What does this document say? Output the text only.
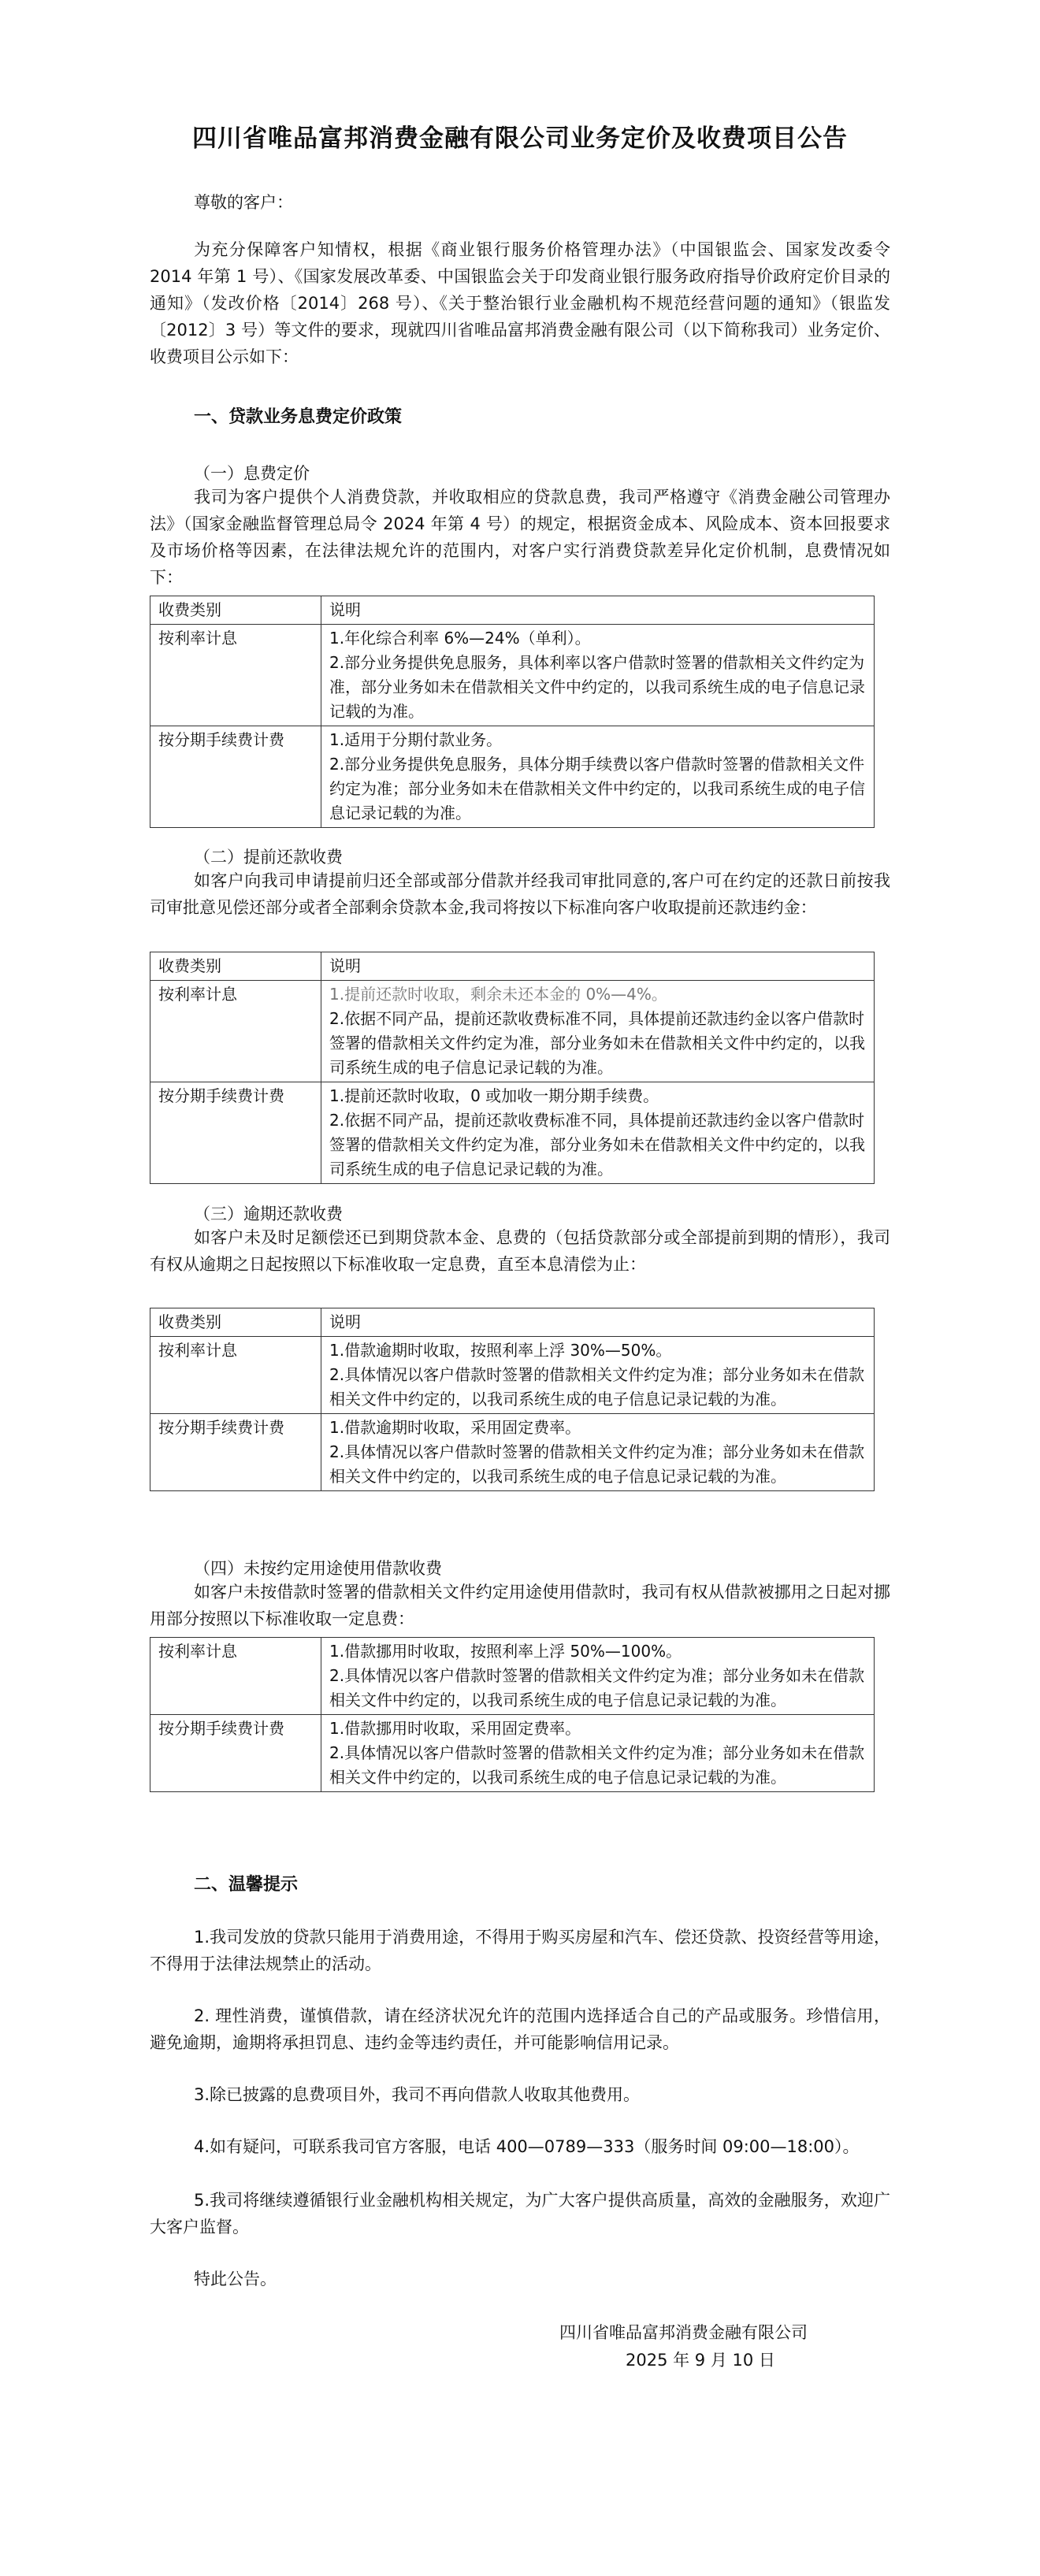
四川省唯品富邦消费金融有限公司业务定价及收费项目公告
尊敬的客户：
为充分保障客户知情权，根据《商业银行服务价格管理办法》（中国银监会、国家发改委令 2014 年第 1 号）、《国家发展改革委、中国银监会关于印发商业银行服务政府指导价政府定价目录的通知》（发改价格〔2014〕268 号）、《关于整治银行业金融机构不规范经营问题的通知》（银监发〔2012〕3 号）等文件的要求，现就四川省唯品富邦消费金融有限公司（以下简称我司）业务定价、收费项目公示如下：
一、贷款业务息费定价政策
（一）息费定价
我司为客户提供个人消费贷款，并收取相应的贷款息费，我司严格遵守《消费金融公司管理办法》（国家金融监督管理总局令 2024 年第 4 号）的规定，根据资金成本、风险成本、资本回报要求及市场价格等因素，在法律法规允许的范围内，对客户实行消费贷款差异化定价机制，息费情况如下：
收费类别	说明
按利率计息	1.年化综合利率 6%—24%（单利）。
2.部分业务提供免息服务，具体利率以客户借款时签署的借款相关文件约定为准，部分业务如未在借款相关文件中约定的，以我司系统生成的电子信息记录记载的为准。

按分期手续费计费	1.适用于分期付款业务。
2.部分业务提供免息服务，具体分期手续费以客户借款时签署的借款相关文件约定为准；部分业务如未在借款相关文件中约定的，以我司系统生成的电子信息记录记载的为准。
（二）提前还款收费
如客户向我司申请提前归还全部或部分借款并经我司审批同意的,客户可在约定的还款日前按我司审批意见偿还部分或者全部剩余贷款本金,我司将按以下标准向客户收取提前还款违约金：
收费类别	说明
按利率计息	1.提前还款时收取，剩余未还本金的 0%—4%。
2.依据不同产品，提前还款收费标准不同，具体提前还款违约金以客户借款时签署的借款相关文件约定为准，部分业务如未在借款相关文件中约定的，以我司系统生成的电子信息记录记载的为准。

按分期手续费计费	1.提前还款时收取，0 或加收一期分期手续费。
2.依据不同产品，提前还款收费标准不同，具体提前还款违约金以客户借款时签署的借款相关文件约定为准，部分业务如未在借款相关文件中约定的，以我司系统生成的电子信息记录记载的为准。
（三）逾期还款收费
如客户未及时足额偿还已到期贷款本金、息费的（包括贷款部分或全部提前到期的情形），我司有权从逾期之日起按照以下标准收取一定息费，直至本息清偿为止：
收费类别	说明
按利率计息	1.借款逾期时收取，按照利率上浮 30%—50%。
2.具体情况以客户借款时签署的借款相关文件约定为准；部分业务如未在借款相关文件中约定的，以我司系统生成的电子信息记录记载的为准。

按分期手续费计费	1.借款逾期时收取，采用固定费率。
2.具体情况以客户借款时签署的借款相关文件约定为准；部分业务如未在借款相关文件中约定的，以我司系统生成的电子信息记录记载的为准。
（四）未按约定用途使用借款收费
如客户未按借款时签署的借款相关文件约定用途使用借款时，我司有权从借款被挪用之日起对挪用部分按照以下标准收取一定息费：
按利率计息	1.借款挪用时收取，按照利率上浮 50%—100%。
2.具体情况以客户借款时签署的借款相关文件约定为准；部分业务如未在借款相关文件中约定的，以我司系统生成的电子信息记录记载的为准。

按分期手续费计费	1.借款挪用时收取，采用固定费率。
2.具体情况以客户借款时签署的借款相关文件约定为准；部分业务如未在借款相关文件中约定的，以我司系统生成的电子信息记录记载的为准。
二、温馨提示
1.我司发放的贷款只能用于消费用途，不得用于购买房屋和汽车、偿还贷款、投资经营等用途，不得用于法律法规禁止的活动。
2. 理性消费，谨慎借款，请在经济状况允许的范围内选择适合自己的产品或服务。珍惜信用，避免逾期，逾期将承担罚息、违约金等违约责任，并可能影响信用记录。
3.除已披露的息费项目外，我司不再向借款人收取其他费用。
4.如有疑问，可联系我司官方客服，电话 400—0789—333（服务时间 09:00—18:00）。
5.我司将继续遵循银行业金融机构相关规定，为广大客户提供高质量，高效的金融服务，欢迎广大客户监督。
特此公告。
四川省唯品富邦消费金融有限公司
2025 年 9 月 10 日
